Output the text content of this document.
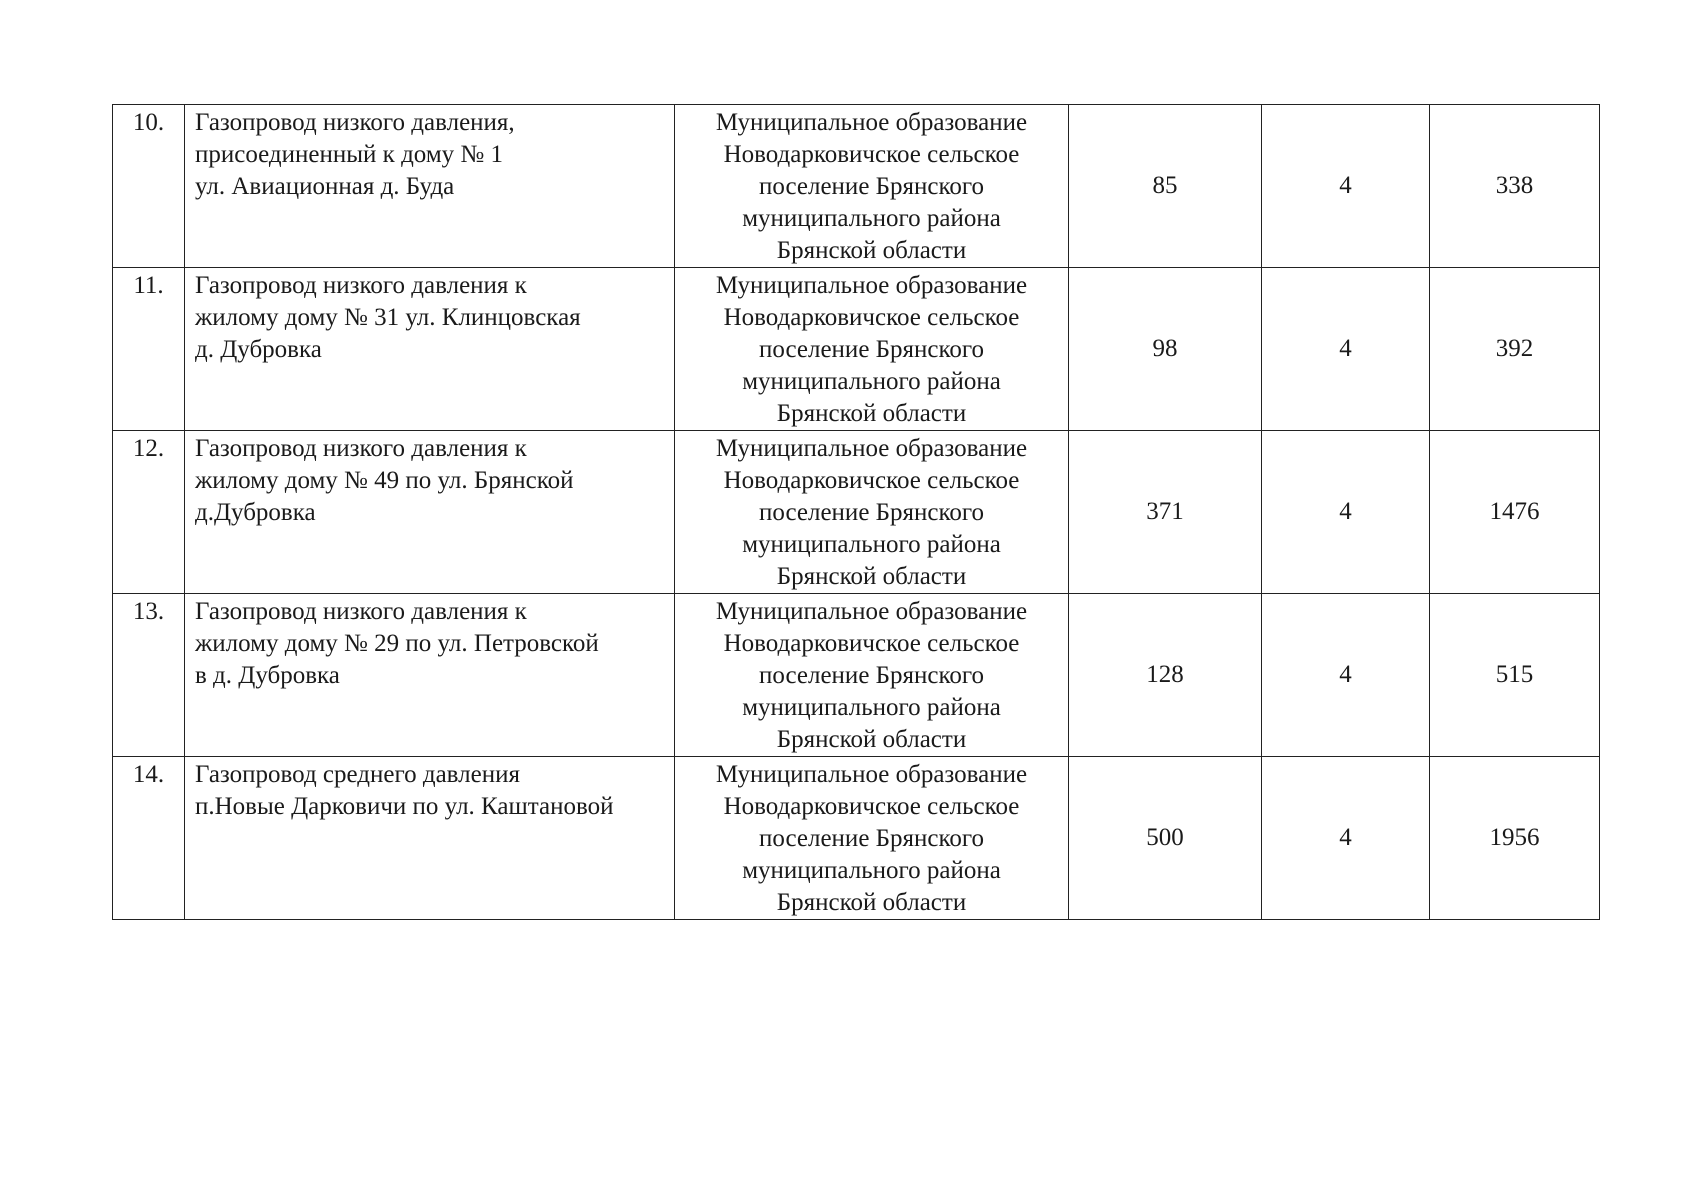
10.	Газопровод низкого давления,
присоединенный к дому № 1
ул. Авиационная д. Буда	Муниципальное образование
Новодарковичское сельское
поселение Брянского
муниципального района
Брянской области	85	4	338
11.	Газопровод низкого давления к
жилому дому № 31 ул. Клинцовская
д. Дубровка	Муниципальное образование
Новодарковичское сельское
поселение Брянского
муниципального района
Брянской области	98	4	392
12.	Газопровод низкого давления к
жилому дому № 49 по ул. Брянской
д.Дубровка	Муниципальное образование
Новодарковичское сельское
поселение Брянского
муниципального района
Брянской области	371	4	1476
13.	Газопровод низкого давления к
жилому дому № 29 по ул. Петровской
в д. Дубровка	Муниципальное образование
Новодарковичское сельское
поселение Брянского
муниципального района
Брянской области	128	4	515
14.	Газопровод среднего давления
п.Новые Дарковичи по ул. Каштановой	Муниципальное образование
Новодарковичское сельское
поселение Брянского
муниципального района
Брянской области	500	4	1956
